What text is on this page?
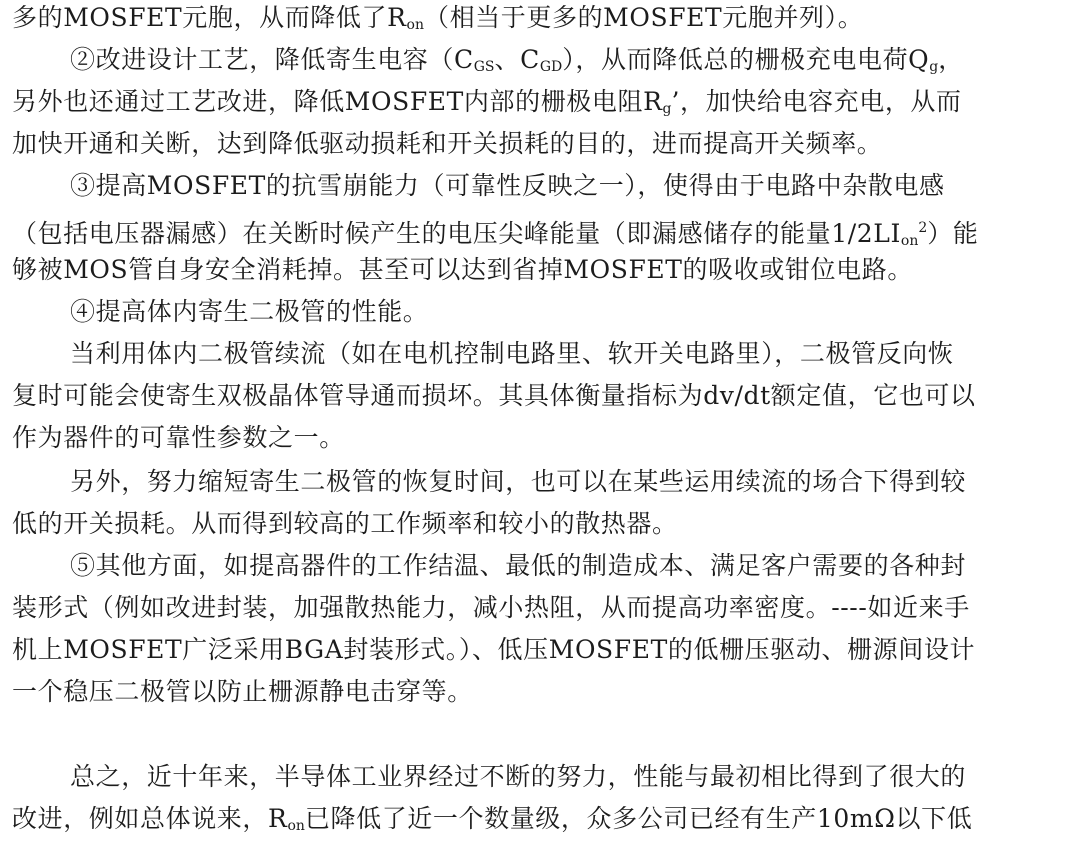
多的MOSFET元胞，从而降低了$R_{on}$（相当于更多的MOSFET元胞并列）。
②改进设计工艺，降低寄生电容（$C_{GS}$、$C_{GD}$），从而降低总的栅极充电电荷$Q_g$，
另外也还通过工艺改进，降低MOSFET内部的栅极电阻$R_g$’，加快给电容充电，从而
加快开通和关断，达到降低驱动损耗和开关损耗的目的，进而提高开关频率。
③提高MOSFET的抗雪崩能力（可靠性反映之一），使得由于电路中杂散电感
（包括电压器漏感）在关断时候产生的电压尖峰能量（即漏感储存的能量$1/2LI_{on}^2$）能
够被MOS管自身安全消耗掉。甚至可以达到省掉MOSFET的吸收或钳位电路。
④提高体内寄生二极管的性能。
当利用体内二极管续流（如在电机控制电路里、软开关电路里），二极管反向恢
复时可能会使寄生双极晶体管导通而损坏。其具体衡量指标为dv/dt额定值，它也可以
作为器件的可靠性参数之一。
另外，努力缩短寄生二极管的恢复时间，也可以在某些运用续流的场合下得到较
低的开关损耗。从而得到较高的工作频率和较小的散热器。
⑤其他方面，如提高器件的工作结温、最低的制造成本、满足客户需要的各种封
装形式（例如改进封装，加强散热能力，减小热阻，从而提高功率密度。----如近来手
机上MOSFET广泛采用BGA封装形式。）、低压MOSFET的低栅压驱动、栅源间设计
一个稳压二极管以防止栅源静电击穿等。
总之，近十年来，半导体工业界经过不断的努力，性能与最初相比得到了很大的
改进，例如总体说来，$R_{on}$已降低了近一个数量级，众多公司已经有生产10mΩ以下低
